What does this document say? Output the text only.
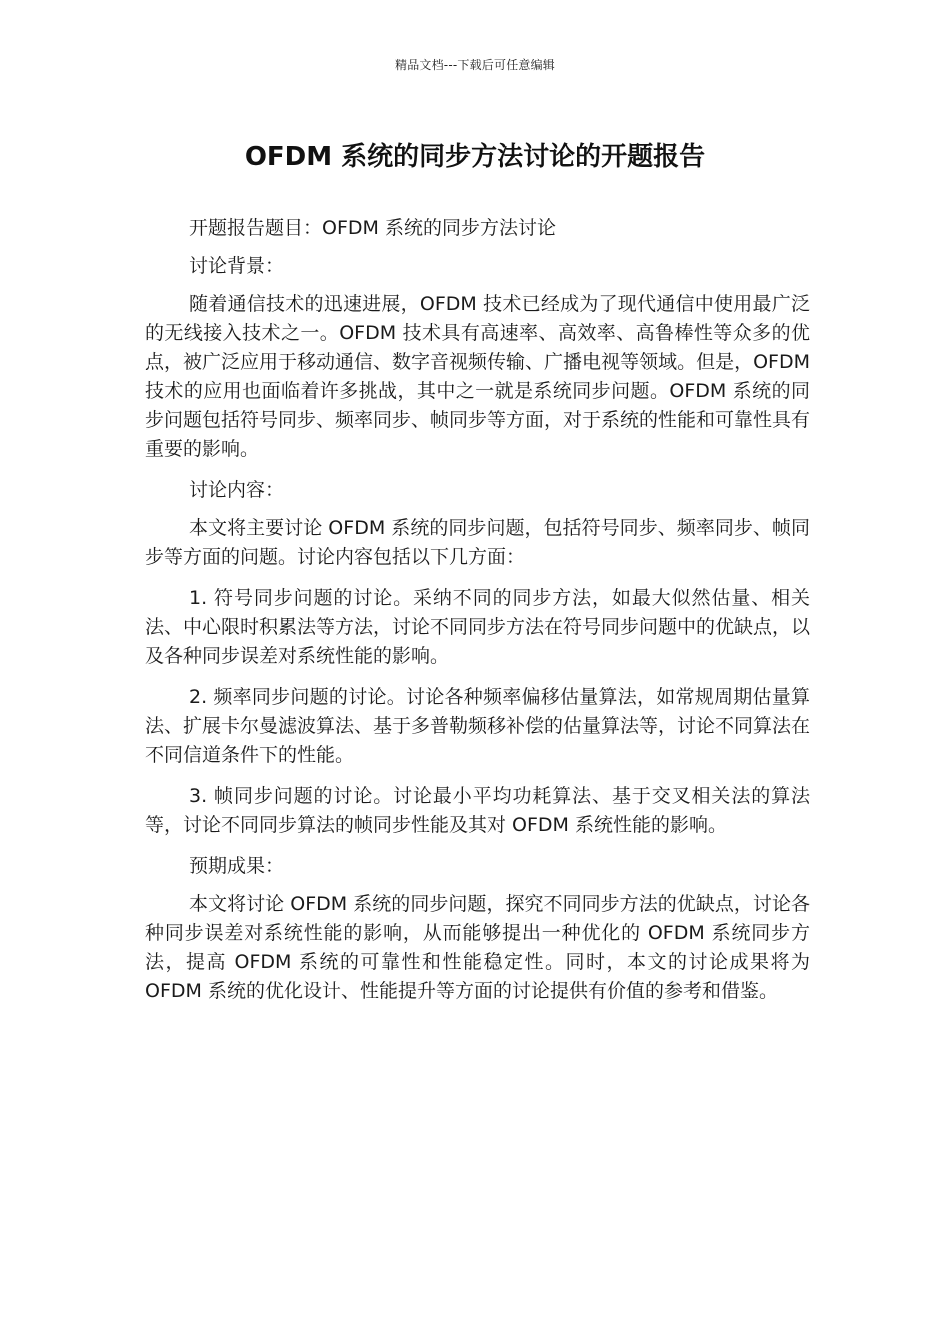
精品文档---下载后可任意编辑
OFDM 系统的同步方法讨论的开题报告

开题报告题目：OFDM 系统的同步方法讨论

讨论背景：

随着通信技术的迅速进展，OFDM 技术已经成为了现代通信中使用最广泛的无线接入技术之一。OFDM 技术具有高速率、高效率、高鲁棒性等众多的优点，被广泛应用于移动通信、数字音视频传输、广播电视等领域。但是，OFDM 技术的应用也面临着许多挑战，其中之一就是系统同步问题。OFDM 系统的同步问题包括符号同步、频率同步、帧同步等方面，对于系统的性能和可靠性具有重要的影响。

讨论内容：

本文将主要讨论 OFDM 系统的同步问题，包括符号同步、频率同步、帧同步等方面的问题。讨论内容包括以下几方面：

1. 符号同步问题的讨论。采纳不同的同步方法，如最大似然估量、相关法、中心限时积累法等方法，讨论不同同步方法在符号同步问题中的优缺点，以及各种同步误差对系统性能的影响。

2. 频率同步问题的讨论。讨论各种频率偏移估量算法，如常规周期估量算法、扩展卡尔曼滤波算法、基于多普勒频移补偿的估量算法等，讨论不同算法在不同信道条件下的性能。

3. 帧同步问题的讨论。讨论最小平均功耗算法、基于交叉相关法的算法等，讨论不同同步算法的帧同步性能及其对 OFDM 系统性能的影响。

预期成果：

本文将讨论 OFDM 系统的同步问题，探究不同同步方法的优缺点，讨论各种同步误差对系统性能的影响，从而能够提出一种优化的 OFDM 系统同步方法，提高 OFDM 系统的可靠性和性能稳定性。同时，本文的讨论成果将为 OFDM 系统的优化设计、性能提升等方面的讨论提供有价值的参考和借鉴。
